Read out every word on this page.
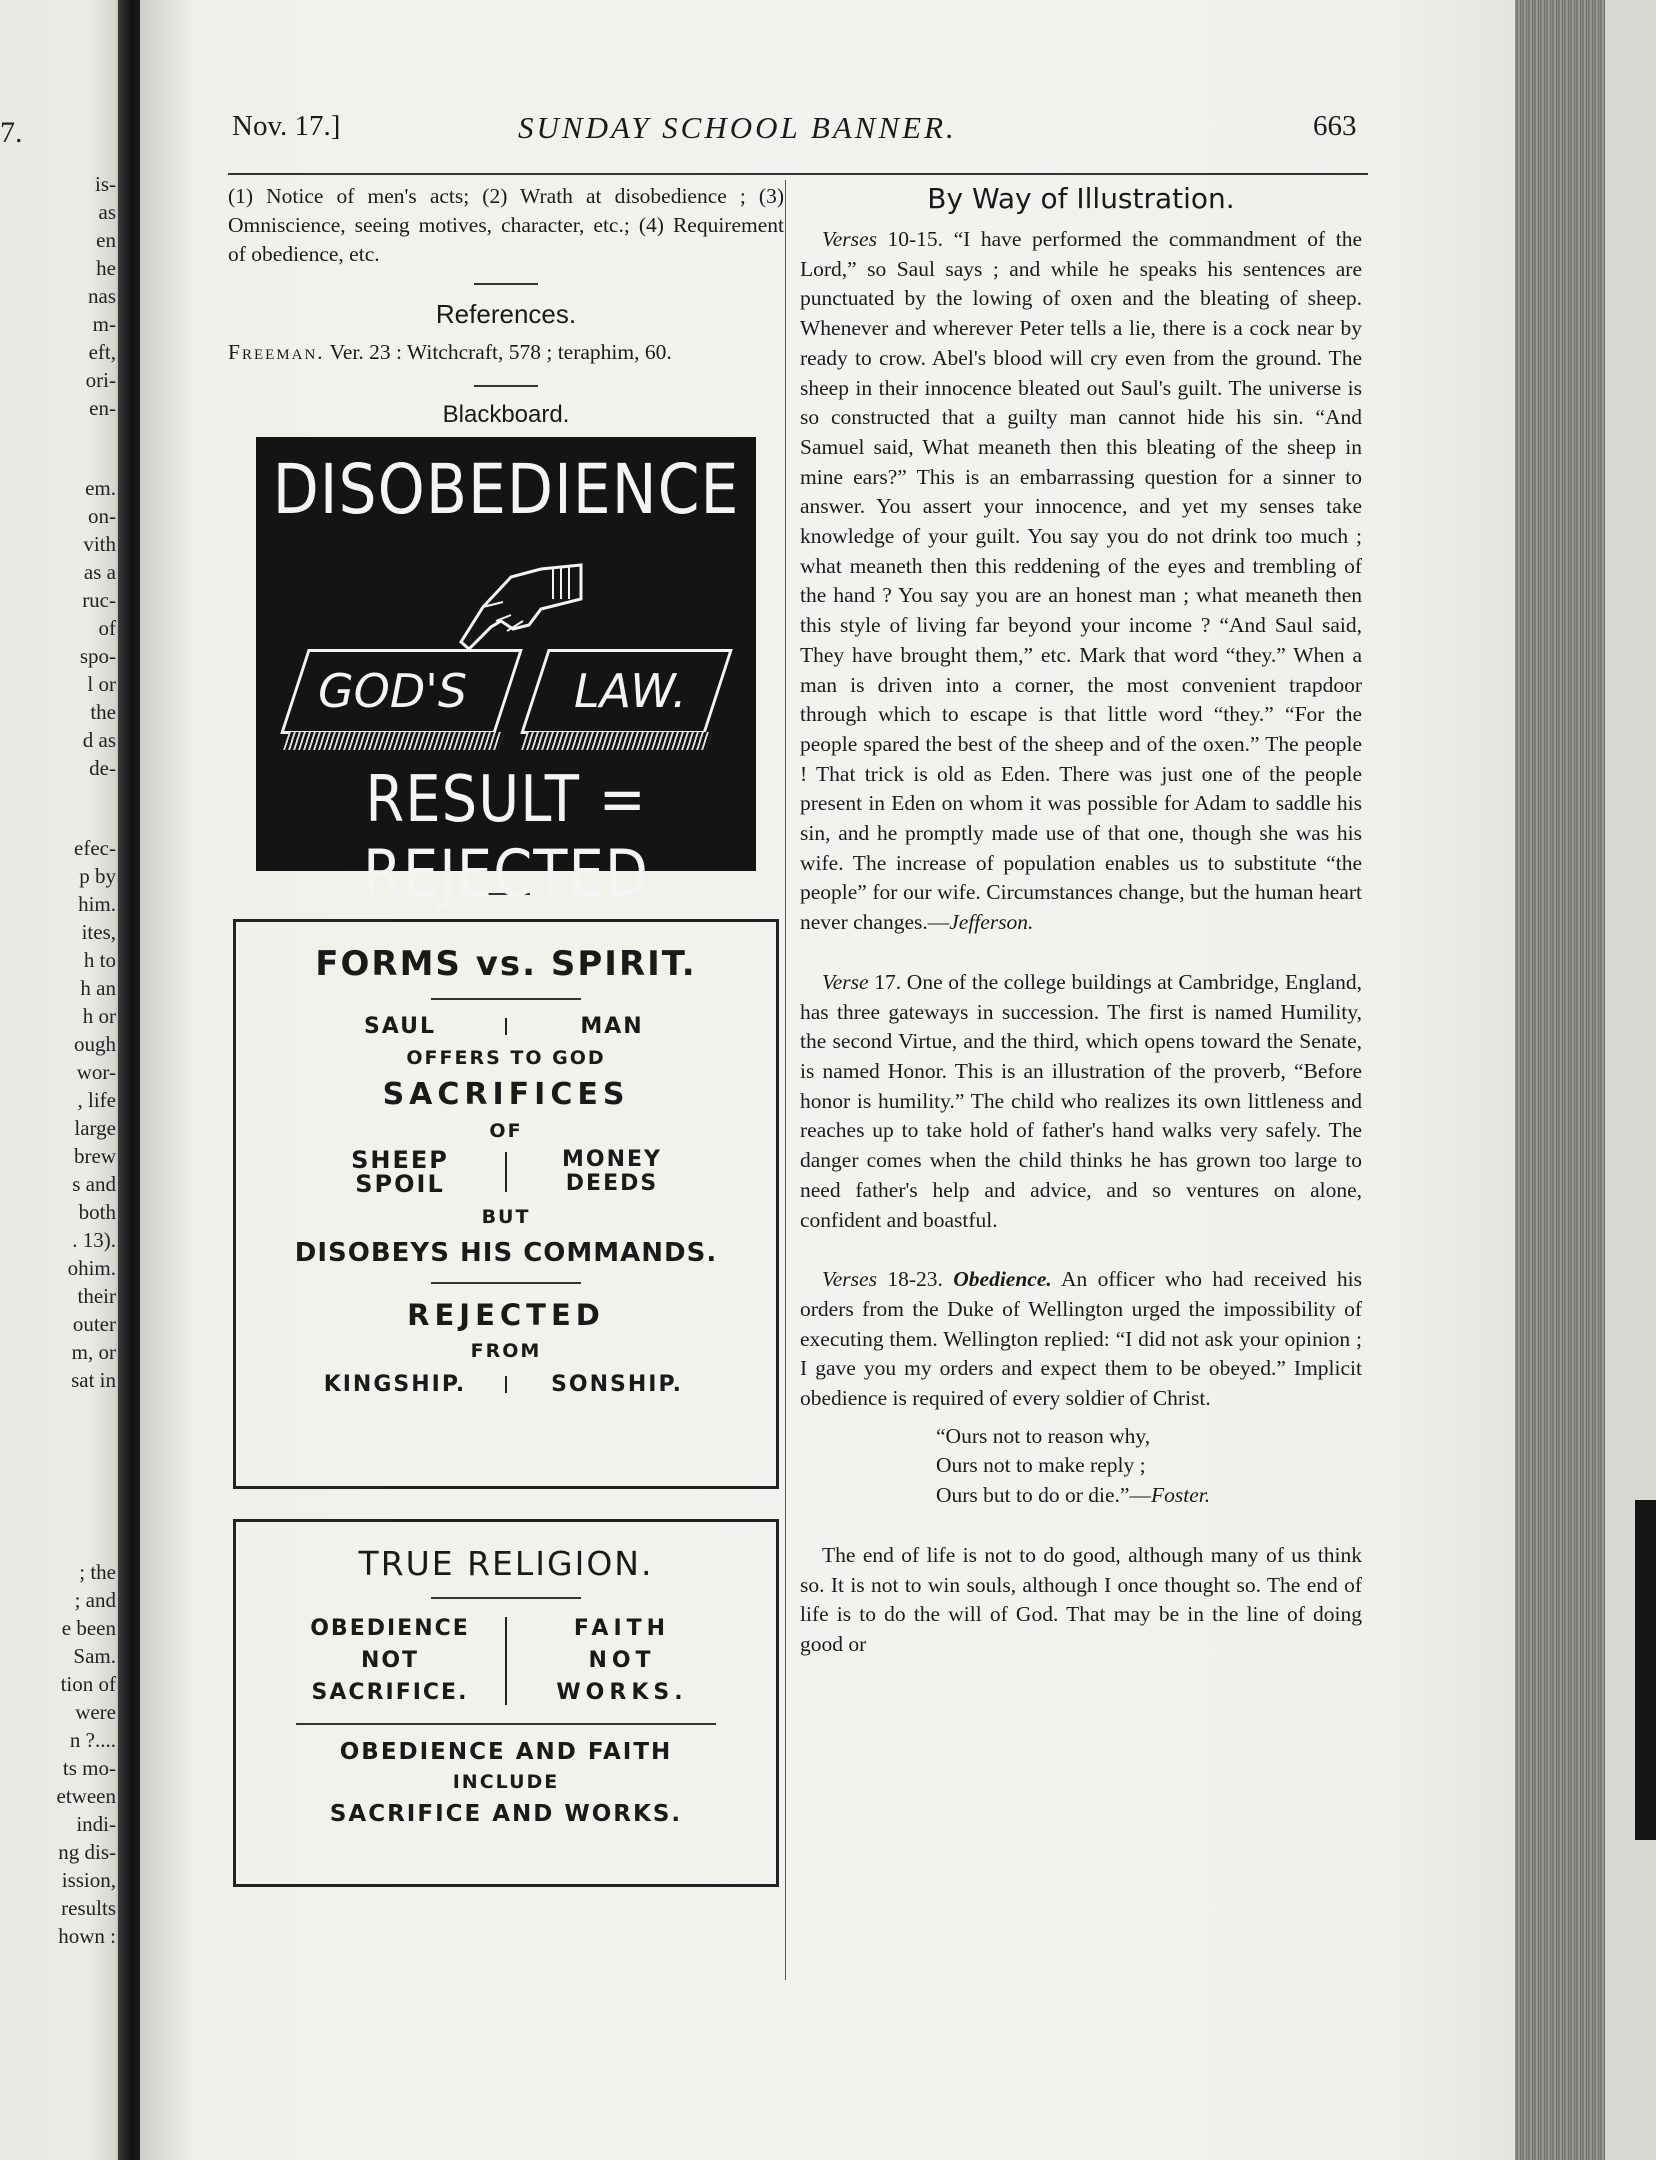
7.
is-
as
en
he
nas
m-
eft,
ori-
en-
em.
on-
vith
as a
ruc-
of
spo-
l or
the
d as
de-
efec-
p by
him.
ites,
h to
h an
h or
ough
wor-
, life
large
brew
s and
both
. 13).
ohim.
their
outer
m, or
sat in
; the
; and
e been
Sam.
tion of
were
n ?....
ts mo-
etween
indi-
ng dis-
ission,
results
hown :
Nov. 17.]	SUNDAY SCHOOL BANNER.	663

(1) Notice of men's acts; (2) Wrath at disobedience ; (3) Omniscience, seeing motives, character, etc.; (4) Requirement of obedience, etc.

References.

Freeman. Ver. 23 : Witchcraft, 578 ; teraphim, 60.

Blackboard.
DISOBEDIENCE
GOD'S LAW.
RESULT = REJECTED
FORMS vs. SPIRIT.
SAUL	MAN
OFFERS TO GOD
SACRIFICES
OF
SHEEP
SPOIL
MONEY
DEEDS
BUT
DISOBEYS HIS COMMANDS.
REJECTED
FROM
KINGSHIP.	SONSHIP.
TRUE RELIGION.
OBEDIENCE
NOT
SACRIFICE.
FAITH
NOT
WORKS.
OBEDIENCE AND FAITH
INCLUDE
SACRIFICE AND WORKS.
By Way of Illustration.

Verses 10-15. “I have performed the commandment of the Lord,” so Saul says ; and while he speaks his sentences are punctuated by the lowing of oxen and the bleating of sheep. Whenever and wherever Peter tells a lie, there is a cock near by ready to crow. Abel's blood will cry even from the ground. The sheep in their innocence bleated out Saul's guilt. The universe is so constructed that a guilty man cannot hide his sin. “And Samuel said, What meaneth then this bleating of the sheep in mine ears?” This is an embarrassing question for a sinner to answer. You assert your innocence, and yet my senses take knowledge of your guilt. You say you do not drink too much ; what meaneth then this reddening of the eyes and trembling of the hand ? You say you are an honest man ; what meaneth then this style of living far beyond your income ? “And Saul said, They have brought them,” etc. Mark that word “they.” When a man is driven into a corner, the most convenient trapdoor through which to escape is that little word “they.” “For the people spared the best of the sheep and of the oxen.” The people ! That trick is old as Eden. There was just one of the people present in Eden on whom it was possible for Adam to saddle his sin, and he promptly made use of that one, though she was his wife. The increase of population enables us to substitute “the people” for our wife. Circumstances change, but the human heart never changes.—Jefferson.

Verse 17. One of the college buildings at Cambridge, England, has three gateways in succession. The first is named Humility, the second Virtue, and the third, which opens toward the Senate, is named Honor. This is an illustration of the proverb, “Before honor is humility.” The child who realizes its own littleness and reaches up to take hold of father's hand walks very safely. The danger comes when the child thinks he has grown too large to need father's help and advice, and so ventures on alone, confident and boastful.

Verses 18-23. Obedience. An officer who had received his orders from the Duke of Wellington urged the impossibility of executing them. Wellington replied: “I did not ask your opinion ; I gave you my orders and expect them to be obeyed.” Implicit obedience is required of every soldier of Christ.

“Ours not to reason why,
Ours not to make reply ;
Ours but to do or die.”—Foster.

The end of life is not to do good, although many of us think so. It is not to win souls, although I once thought so. The end of life is to do the will of God. That may be in the line of doing good or
